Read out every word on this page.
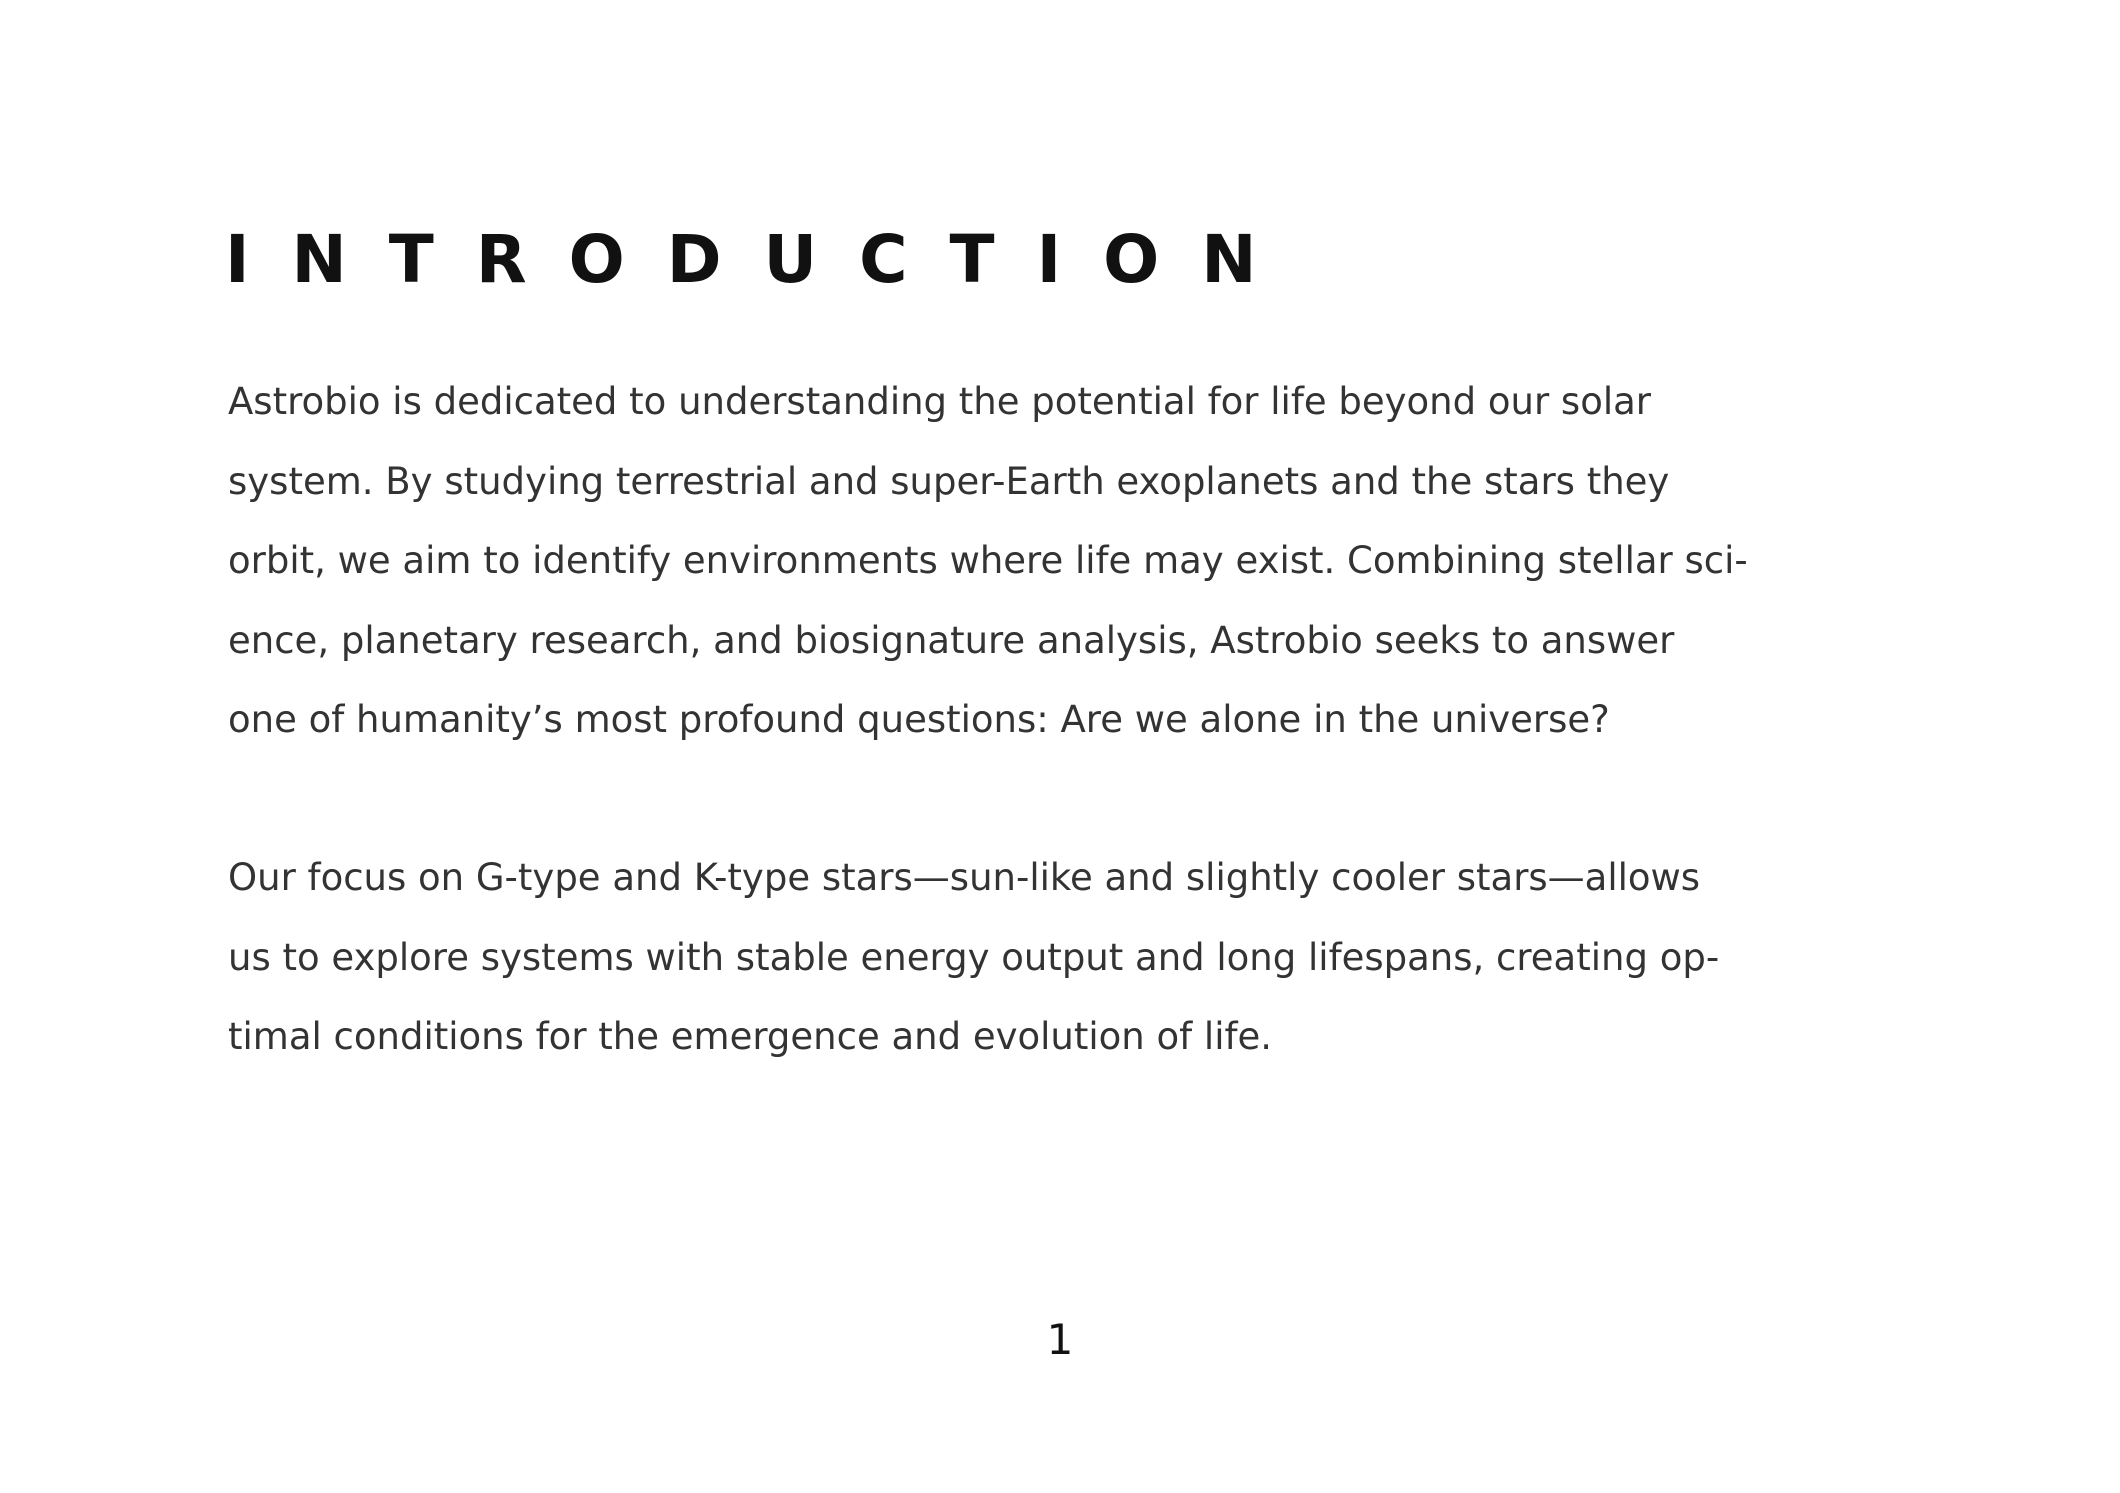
INTRODUCTION

Astrobio is dedicated to understanding the potential for life beyond our solar
system. By studying terrestrial and super-Earth exoplanets and the stars they
orbit, we aim to identify environments where life may exist. Combining stellar sci-
ence, planetary research, and biosignature analysis, Astrobio seeks to answer
one of humanity’s most profound questions: Are we alone in the universe?

Our focus on G-type and K-type stars—sun-like and slightly cooler stars—allows
us to explore systems with stable energy output and long lifespans, creating op-
timal conditions for the emergence and evolution of life.

1
